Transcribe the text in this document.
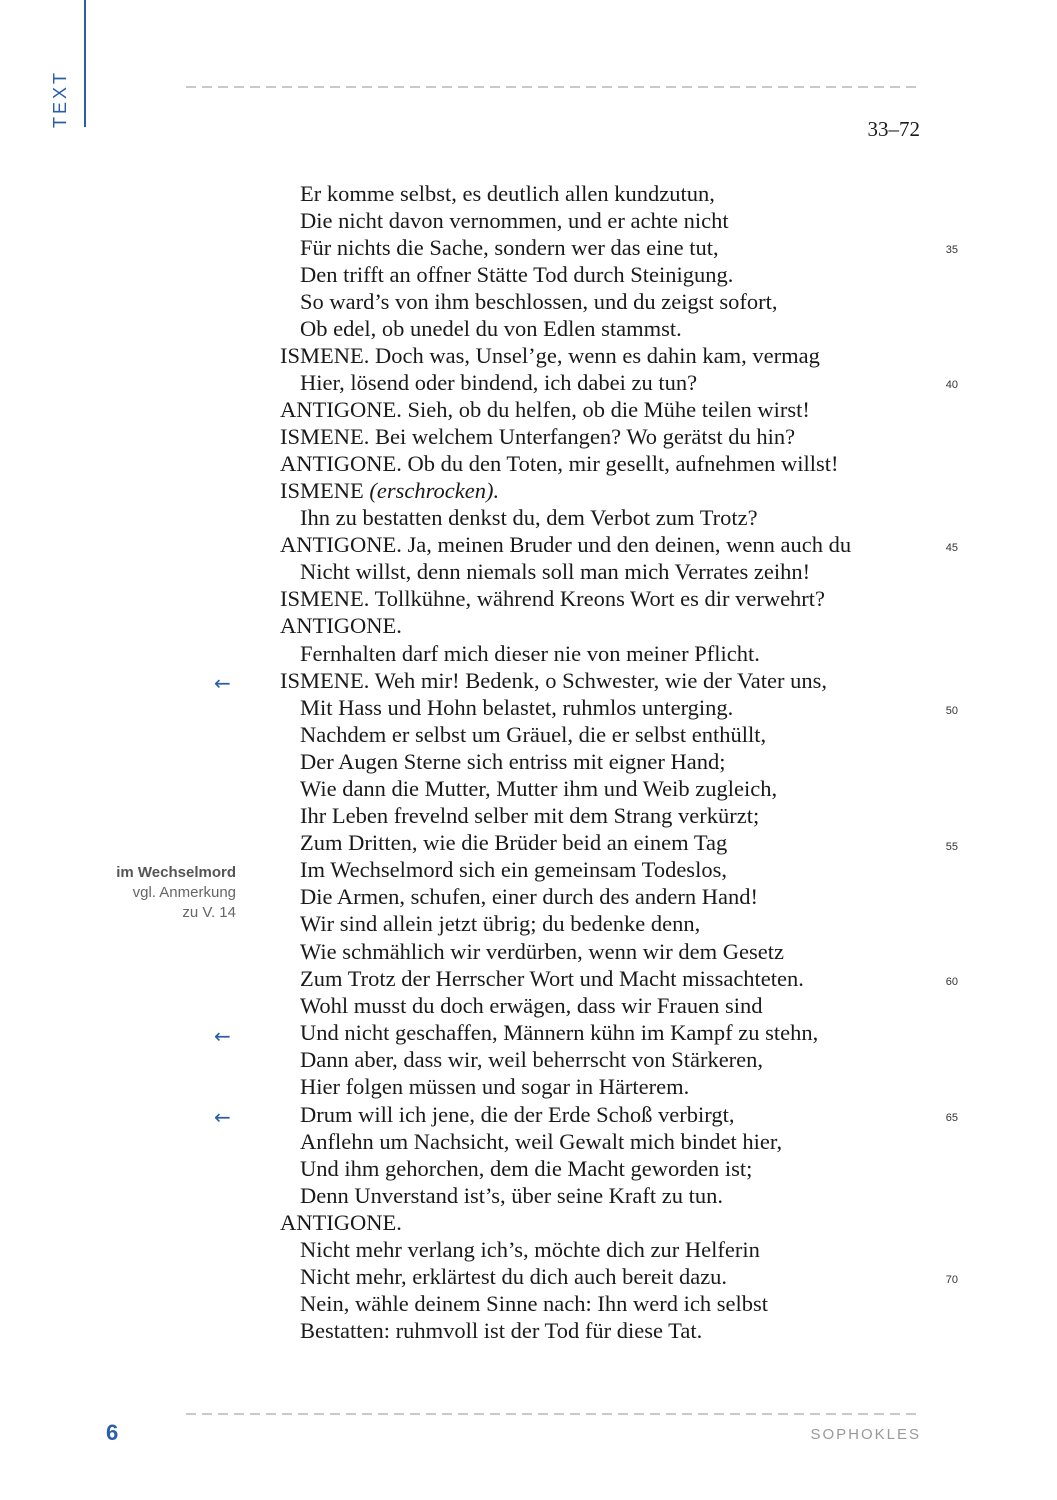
TEXT
33–72
Er komme selbst, es deutlich allen kundzutun,
Die nicht davon vernommen, und er achte nicht
Für nichts die Sache, sondern wer das eine tut,
Den trifft an offner Stätte Tod durch Steinigung.
So ward’s von ihm beschlossen, und du zeigst sofort,
Ob edel, ob unedel du von Edlen stammst.
ISMENE. Doch was, Unsel’ge, wenn es dahin kam, vermag
Hier, lösend oder bindend, ich dabei zu tun?
ANTIGONE. Sieh, ob du helfen, ob die Mühe teilen wirst!
ISMENE. Bei welchem Unterfangen? Wo gerätst du hin?
ANTIGONE. Ob du den Toten, mir gesellt, aufnehmen willst!
ISMENE (erschrocken).
Ihn zu bestatten denkst du, dem Verbot zum Trotz?
ANTIGONE. Ja, meinen Bruder und den deinen, wenn auch du
Nicht willst, denn niemals soll man mich Verrates zeihn!
ISMENE. Tollkühne, während Kreons Wort es dir verwehrt?
ANTIGONE.
Fernhalten darf mich dieser nie von meiner Pflicht.
ISMENE. Weh mir! Bedenk, o Schwester, wie der Vater uns,
Mit Hass und Hohn belastet, ruhmlos unterging.
Nachdem er selbst um Gräuel, die er selbst enthüllt,
Der Augen Sterne sich entriss mit eigner Hand;
Wie dann die Mutter, Mutter ihm und Weib zugleich,
Ihr Leben frevelnd selber mit dem Strang verkürzt;
Zum Dritten, wie die Brüder beid an einem Tag
Im Wechselmord sich ein gemeinsam Todeslos,
Die Armen, schufen, einer durch des andern Hand!
Wir sind allein jetzt übrig; du bedenke denn,
Wie schmählich wir verdürben, wenn wir dem Gesetz
Zum Trotz der Herrscher Wort und Macht missachteten.
Wohl musst du doch erwägen, dass wir Frauen sind
Und nicht geschaffen, Männern kühn im Kampf zu stehn,
Dann aber, dass wir, weil beherrscht von Stärkeren,
Hier folgen müssen und sogar in Härterem.
Drum will ich jene, die der Erde Schoß verbirgt,
Anflehn um Nachsicht, weil Gewalt mich bindet hier,
Und ihm gehorchen, dem die Macht geworden ist;
Denn Unverstand ist’s, über seine Kraft zu tun.
ANTIGONE.
Nicht mehr verlang ich’s, möchte dich zur Helferin
Nicht mehr, erklärtest du dich auch bereit dazu.
Nein, wähle deinem Sinne nach: Ihn werd ich selbst
Bestatten: ruhmvoll ist der Tod für diese Tat.
35
40
45
50
55
60
65
70
←
←
←
im Wechselmord
vgl. Anmerkung
zu V. 14
6	SOPHOKLES
